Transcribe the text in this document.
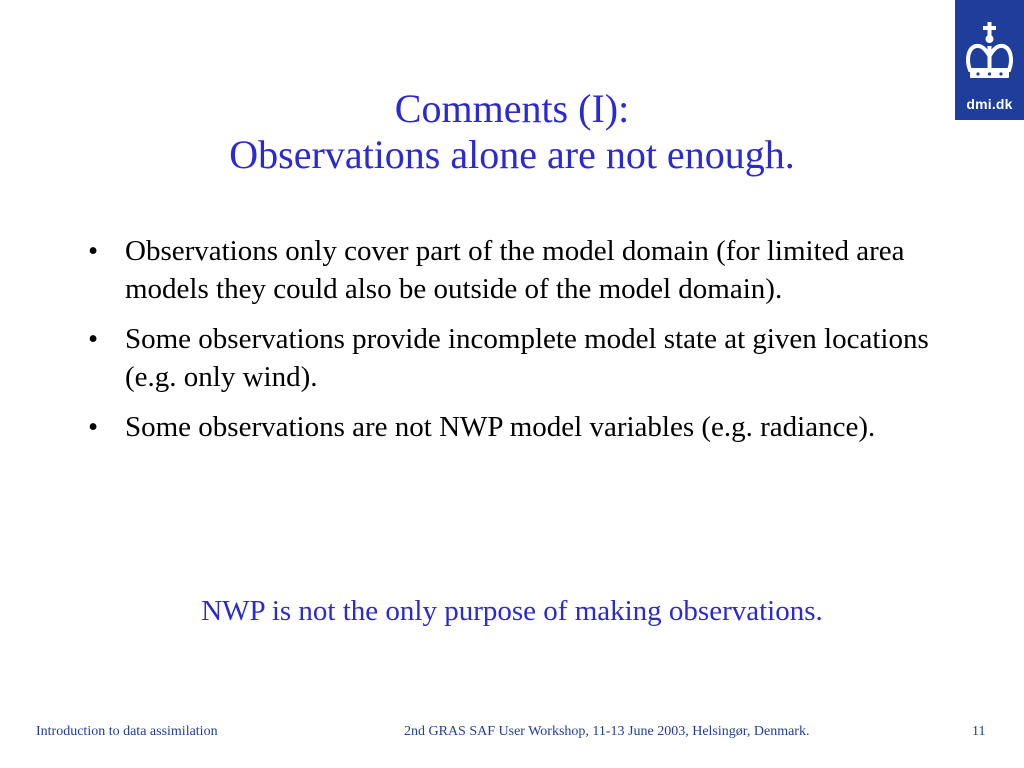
dmi.dk
Comments (I):
Observations alone are not enough.
• Observations only cover part of the model domain (for limited area models they could also be outside of the model domain).
• Some observations provide incomplete model state at given locations (e.g. only wind).
• Some observations are not NWP model variables (e.g. radiance).
NWP is not the only purpose of making observations.
Introduction to data assimilation	2nd GRAS SAF User Workshop, 11-13 June 2003, Helsingør, Denmark.	11
